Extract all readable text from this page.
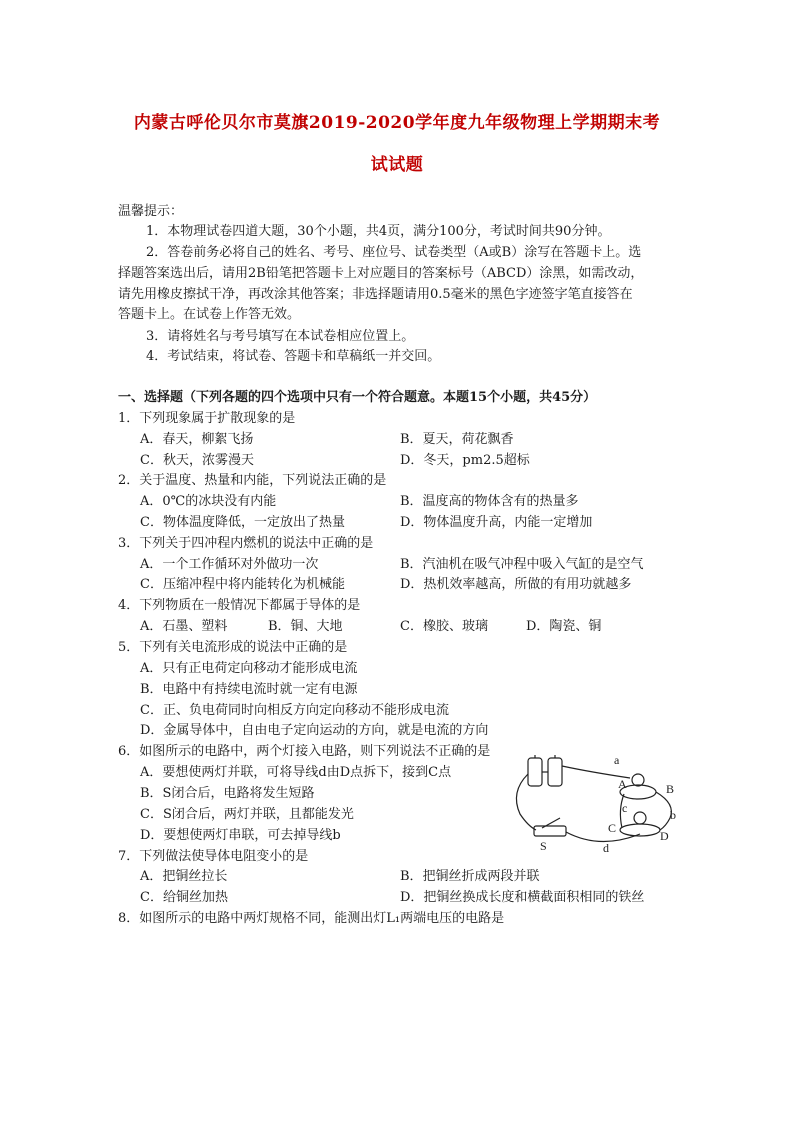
内蒙古呼伦贝尔市莫旗2019-2020学年度九年级物理上学期期末考
试试题
温馨提示：
1．本物理试卷四道大题，30个小题，共4页，满分100分，考试时间共90分钟。
2．答卷前务必将自己的姓名、考号、座位号、试卷类型（A或B）涂写在答题卡上。选
择题答案选出后，请用2B铅笔把答题卡上对应题目的答案标号（ABCD）涂黑，如需改动，
请先用橡皮擦拭干净，再改涂其他答案；非选择题请用0.5毫米的黑色字迹签字笔直接答在
答题卡上。在试卷上作答无效。
3．请将姓名与考号填写在本试卷相应位置上。
4．考试结束，将试卷、答题卡和草稿纸一并交回。
一、选择题（下列各题的四个选项中只有一个符合题意。本题15个小题，共45分）
1．下列现象属于扩散现象的是
A．春天，柳絮飞扬	B．夏天，荷花飘香
C．秋天，浓雾漫天	D．冬天，pm2.5超标
2．关于温度、热量和内能，下列说法正确的是
A．0℃的冰块没有内能	B．温度高的物体含有的热量多
C．物体温度降低，一定放出了热量	D．物体温度升高，内能一定增加
3．下列关于四冲程内燃机的说法中正确的是
A．一个工作循环对外做功一次	B．汽油机在吸气冲程中吸入气缸的是空气
C．压缩冲程中将内能转化为机械能	D．热机效率越高，所做的有用功就越多
4．下列物质在一般情况下都属于导体的是
A．石墨、塑料	B．铜、大地	C．橡胶、玻璃	D．陶瓷、铜
5．下列有关电流形成的说法中正确的是
A．只有正电荷定向移动才能形成电流
B．电路中有持续电流时就一定有电源
C．正、负电荷同时向相反方向定向移动不能形成电流
D．金属导体中，自由电子定向运动的方向，就是电流的方向
6．如图所示的电路中，两个灯接入电路，则下列说法不正确的是
A．要想使两灯并联，可将导线d由D点拆下，接到C点
B．S闭合后，电路将发生短路
C．S闭合后，两灯并联，且都能发光
D．要想使两灯串联，可去掉导线b
a
A	B
c	b
C
D
d
S
7．下列做法使导体电阻变小的是
A．把铜丝拉长	B．把铜丝折成两段并联
C．给铜丝加热	D．把铜丝换成长度和横截面积相同的铁丝
8．如图所示的电路中两灯规格不同，能测出灯L₁两端电压的电路是
